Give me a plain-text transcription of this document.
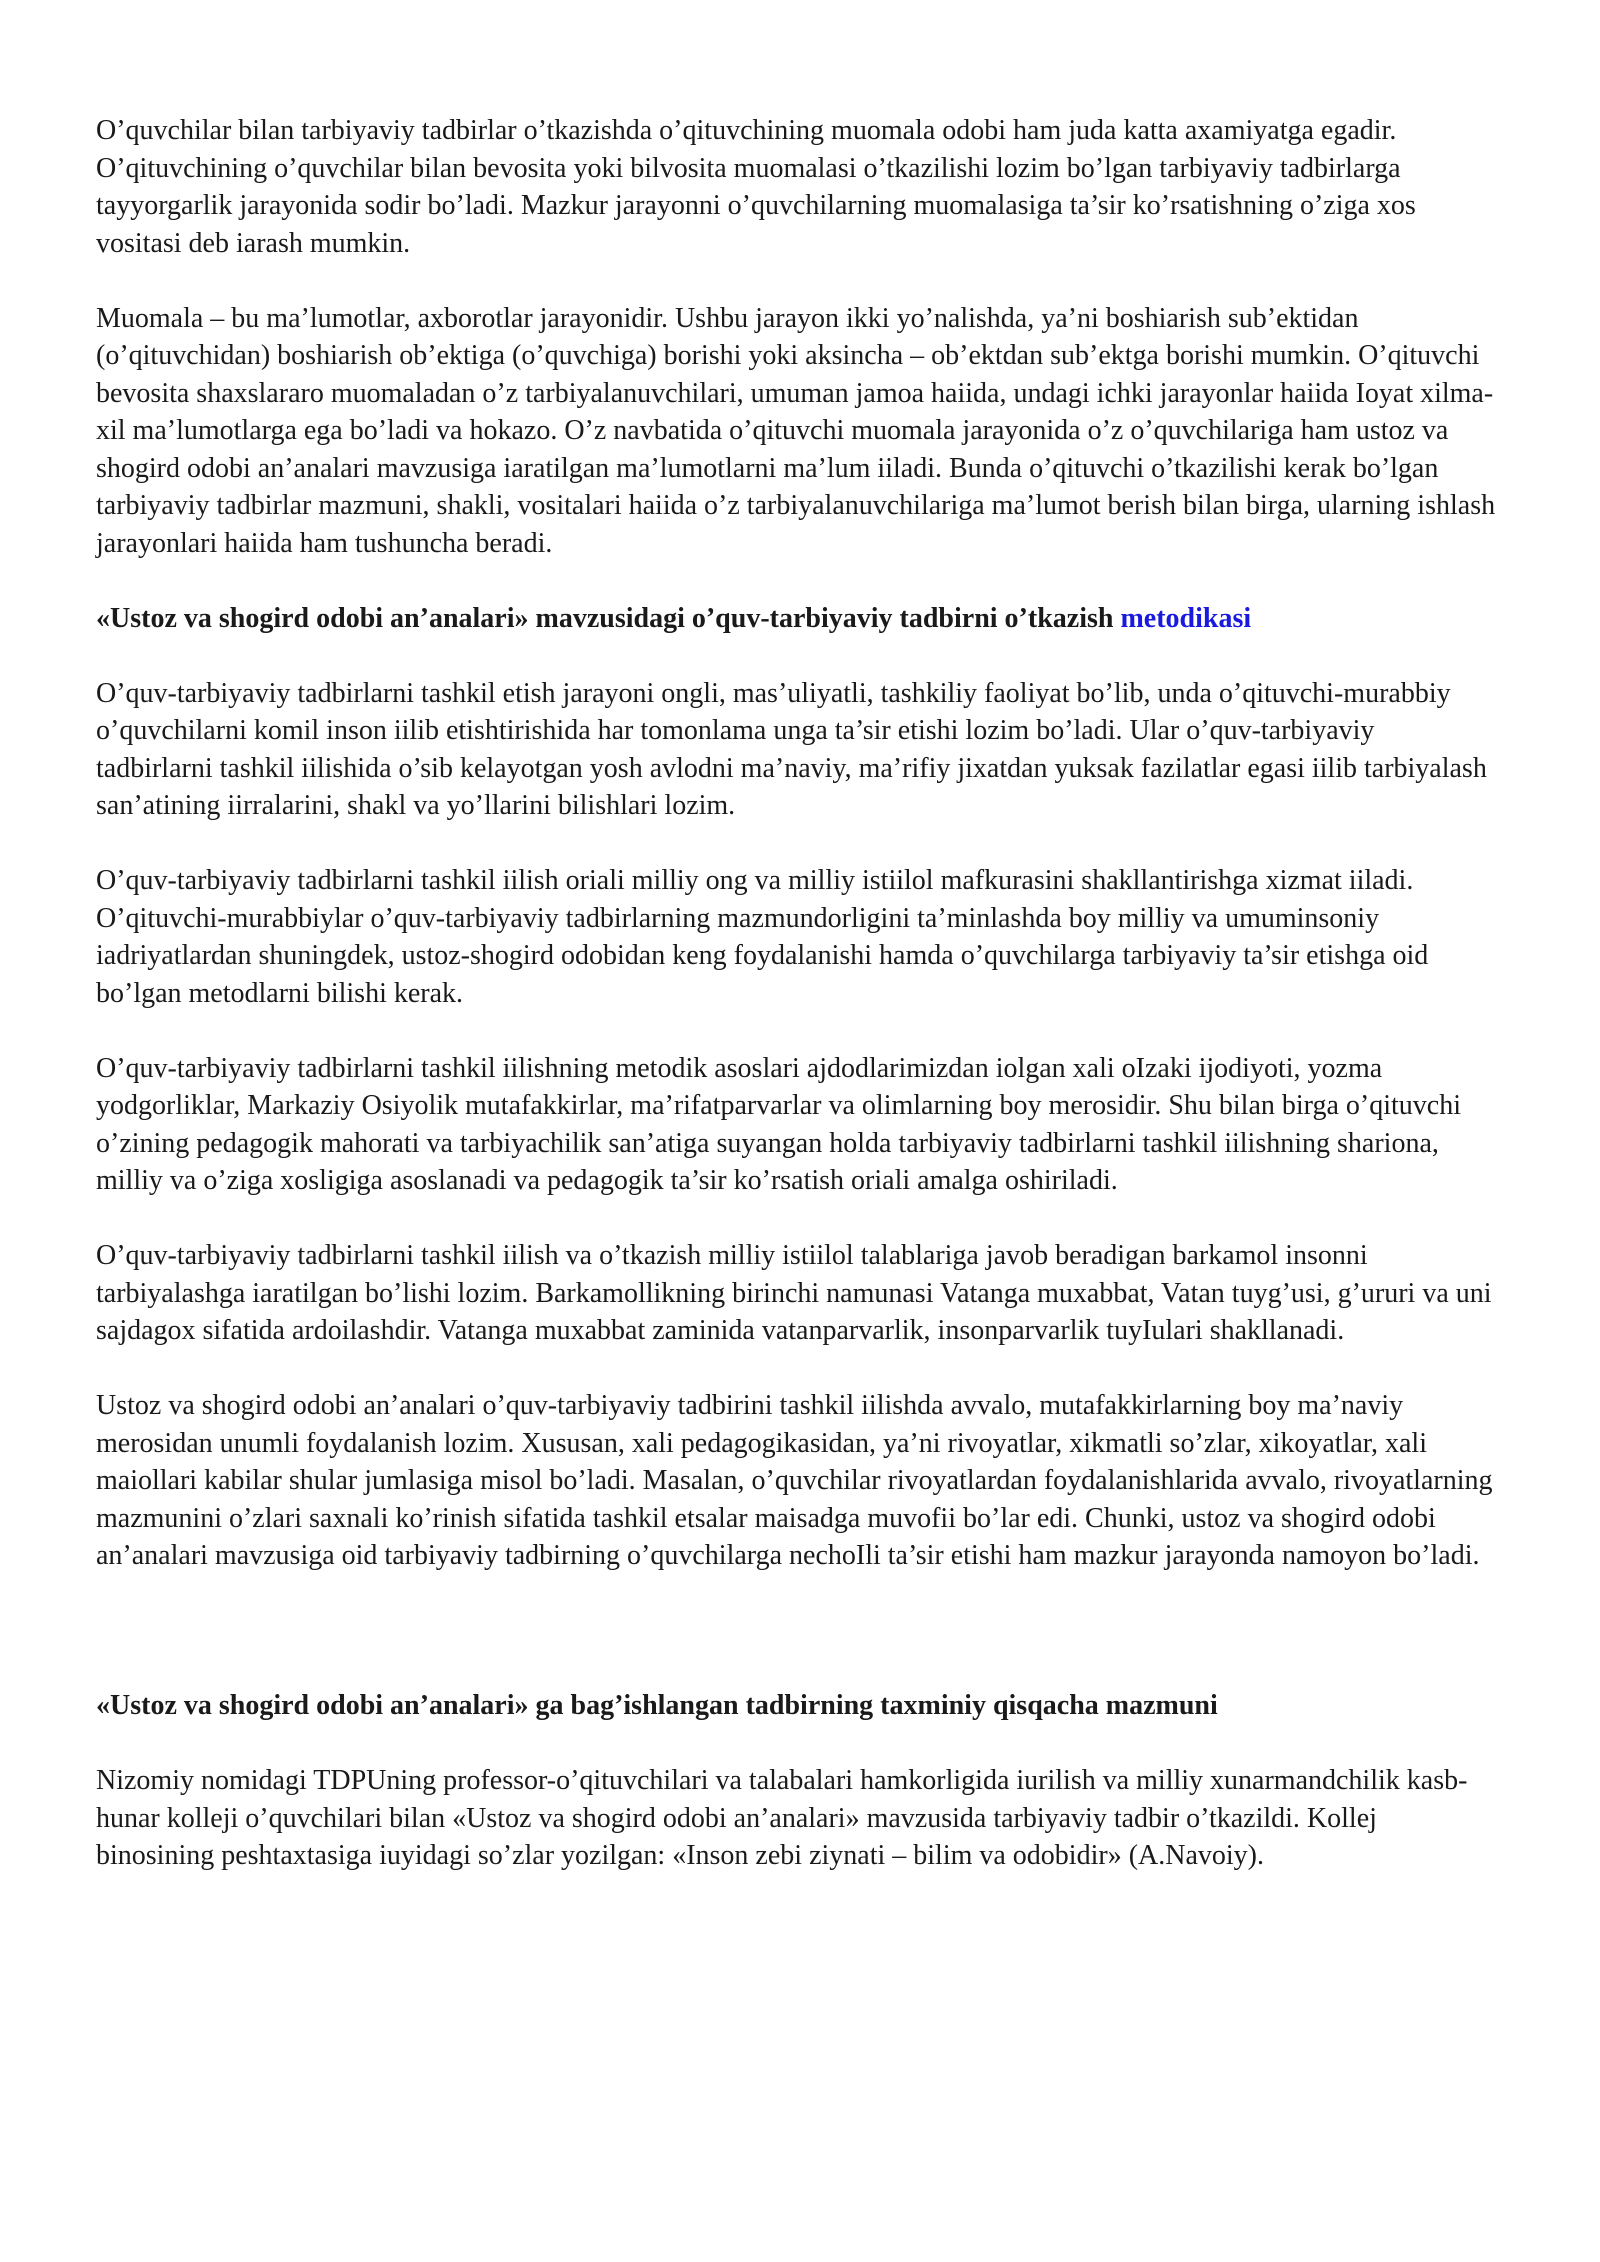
O’quvchilar bilan tarbiyaviy tadbirlar o’tkazishda o’qituvchining muomala odobi ham juda katta axamiyatga egadir. O’qituvchining o’quvchilar bilan bevosita yoki bilvosita muomalasi o’tkazilishi lozim bo’lgan tarbiyaviy tadbirlarga tayyorgarlik jarayonida sodir bo’ladi. Mazkur jarayonni o’quvchilarning muomalasiga ta’sir ko’rsatishning o’ziga xos vositasi deb iarash mumkin.

Muomala – bu ma’lumotlar, axborotlar jarayonidir. Ushbu jarayon ikki yo’nalishda, ya’ni boshiarish sub’ektidan (o’qituvchidan) boshiarish ob’ektiga (o’quvchiga) borishi yoki aksincha – ob’ektdan sub’ektga borishi mumkin. O’qituvchi bevosita shaxslararo muomaladan o’z tarbiyalanuvchilari, umuman jamoa haiida, undagi ichki jarayonlar haiida Ioyat xilma-xil ma’lumotlarga ega bo’ladi va hokazo. O’z navbatida o’qituvchi muomala jarayonida o’z o’quvchilariga ham ustoz va shogird odobi an’analari mavzusiga iaratilgan ma’lumotlarni ma’lum iiladi. Bunda o’qituvchi o’tkazilishi kerak bo’lgan tarbiyaviy tadbirlar mazmuni, shakli, vositalari haiida o’z tarbiyalanuvchilariga ma’lumot berish bilan birga, ularning ishlash jarayonlari haiida ham tushuncha beradi.

«Ustoz va shogird odobi an’analari» mavzusidagi o’quv-tarbiyaviy tadbirni o’tkazish metodikasi

O’quv-tarbiyaviy tadbirlarni tashkil etish jarayoni ongli, mas’uliyatli, tashkiliy faoliyat bo’lib, unda o’qituvchi-murabbiy o’quvchilarni komil inson iilib etishtirishida har tomonlama unga ta’sir etishi lozim bo’ladi. Ular o’quv-tarbiyaviy tadbirlarni tashkil iilishida o’sib kelayotgan yosh avlodni ma’naviy, ma’rifiy jixatdan yuksak fazilatlar egasi iilib tarbiyalash san’atining iirralarini, shakl va yo’llarini bilishlari lozim.

O’quv-tarbiyaviy tadbirlarni tashkil iilish oriali milliy ong va milliy istiilol mafkurasini shakllantirishga xizmat iiladi. O’qituvchi-murabbiylar o’quv-tarbiyaviy tadbirlarning mazmundorligini ta’minlashda boy milliy va umuminsoniy iadriyatlardan shuningdek, ustoz-shogird odobidan keng foydalanishi hamda o’quvchilarga tarbiyaviy ta’sir etishga oid bo’lgan metodlarni bilishi kerak.

O’quv-tarbiyaviy tadbirlarni tashkil iilishning metodik asoslari ajdodlarimizdan iolgan xali oIzaki ijodiyoti, yozma yodgorliklar, Markaziy Osiyolik mutafakkirlar, ma’rifatparvarlar va olimlarning boy merosidir. Shu bilan birga o’qituvchi o’zining pedagogik mahorati va tarbiyachilik san’atiga suyangan holda tarbiyaviy tadbirlarni tashkil iilishning shariona, milliy va o’ziga xosligiga asoslanadi va pedagogik ta’sir ko’rsatish oriali amalga oshiriladi.

O’quv-tarbiyaviy tadbirlarni tashkil iilish va o’tkazish milliy istiilol talablariga javob beradigan barkamol insonni tarbiyalashga iaratilgan bo’lishi lozim. Barkamollikning birinchi namunasi Vatanga muxabbat, Vatan tuyg’usi, g’ururi va uni sajdagox sifatida ardoilashdir. Vatanga muxabbat zaminida vatanparvarlik, insonparvarlik tuyIulari shakllanadi.

Ustoz va shogird odobi an’analari o’quv-tarbiyaviy tadbirini tashkil iilishda avvalo, mutafakkirlarning boy ma’naviy merosidan unumli foydalanish lozim. Xususan, xali pedagogikasidan, ya’ni rivoyatlar, xikmatli so’zlar, xikoyatlar, xali maiollari kabilar shular jumlasiga misol bo’ladi. Masalan, o’quvchilar rivoyatlardan foydalanishlarida avvalo, rivoyatlarning mazmunini o’zlari saxnali ko’rinish sifatida tashkil etsalar maisadga muvofii bo’lar edi. Chunki, ustoz va shogird odobi an’analari mavzusiga oid tarbiyaviy tadbirning o’quvchilarga nechoIli ta’sir etishi ham mazkur jarayonda namoyon bo’ladi.

«Ustoz va shogird odobi an’analari» ga bag’ishlangan tadbirning taxminiy qisqacha mazmuni

Nizomiy nomidagi TDPUning professor-o’qituvchilari va talabalari hamkorligida iurilish va milliy xunarmandchilik kasb-hunar kolleji o’quvchilari bilan «Ustoz va shogird odobi an’analari» mavzusida tarbiyaviy tadbir o’tkazildi. Kollej binosining peshtaxtasiga iuyidagi so’zlar yozilgan: «Inson zebi ziynati – bilim va odobidir» (A.Navoiy).
